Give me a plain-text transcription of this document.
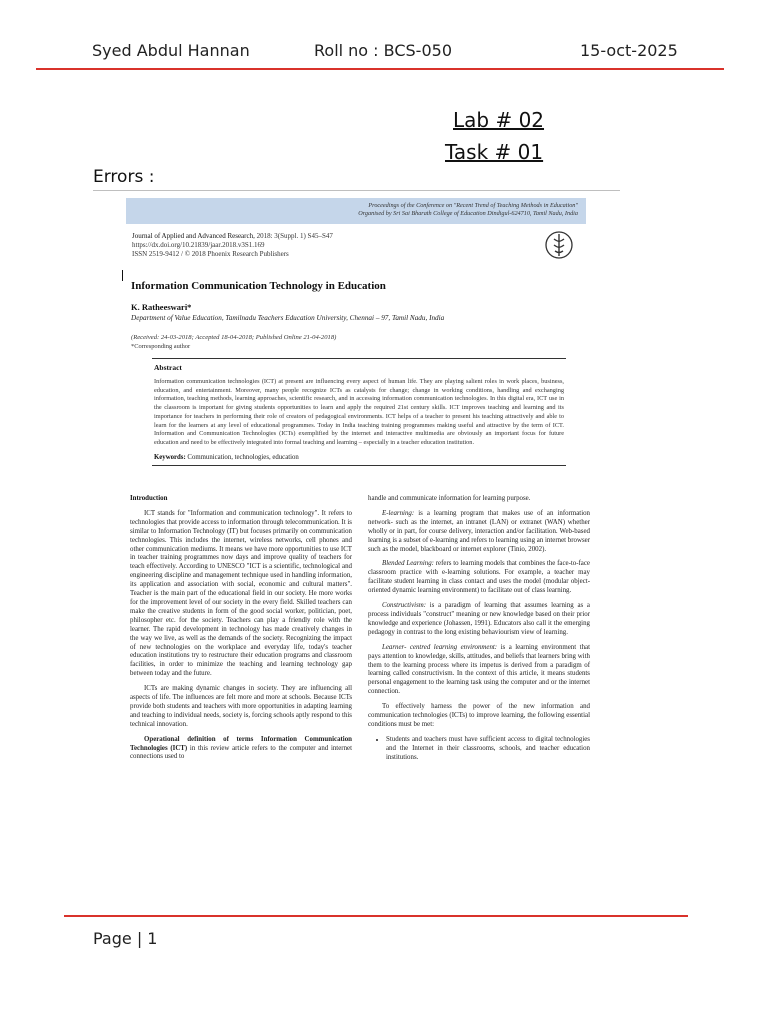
Syed Abdul Hannan	Roll no : BCS-050	15-oct-2025
Lab # 02
Task # 01
Errors :
Proceedings of the Conference on "Recent Trend of Teaching Methods in Education"
Organised by Sri Sai Bharath College of Education Dindigul-624710, Tamil Nadu, India
Journal of Applied and Advanced Research, 2018: 3(Suppl. 1) S45–S47
https://dx.doi.org/10.21839/jaar.2018.v3S1.169
ISSN 2519-9412 / © 2018 Phoenix Research Publishers
Information Communication Technology in Education
K. Ratheeswari*
Department of Value Education, Tamilnadu Teachers Education University, Chennai – 97, Tamil Nadu, India
(Received: 24-03-2018; Accepted 18-04-2018; Published Online 21-04-2018)
*Corresponding author
Abstract
Information communication technologies (ICT) at present are influencing every aspect of human life. They are playing salient roles in work places, business, education, and entertainment. Moreover, many people recognize ICTs as catalysts for change; change in working conditions, handling and exchanging information, teaching methods, learning approaches, scientific research, and in accessing information communication technologies. In this digital era, ICT use in the classroom is important for giving students opportunities to learn and apply the required 21st century skills. ICT improves teaching and learning and its importance for teachers in performing their role of creators of pedagogical environments. ICT helps of a teacher to present his teaching attractively and able to learn for the learners at any level of educational programmes. Today in India teaching training programmes making useful and attractive by the term of ICT. Information and Communication Technologies (ICTs) exemplified by the internet and interactive multimedia are obviously an important focus for future education and need to be effectively integrated into formal teaching and learning – especially in a teacher education institution.
Keywords: Communication, technologies, education

Introduction

ICT stands for "Information and communication technology". It refers to technologies that provide access to information through telecommunication. It is similar to Information Technology (IT) but focuses primarily on communication technologies. This includes the internet, wireless networks, cell phones and other communication mediums. It means we have more opportunities to use ICT in teacher training programmes now days and improve quality of teachers for teach effectively. According to UNESCO "ICT is a scientific, technological and engineering discipline and management technique used in handling information, its application and association with social, economic and cultural matters". Teacher is the main part of the educational field in our society. He more works for the improvement level of our society in the every field. Skilled teachers can make the creative students in form of the good social worker, politician, poet, philosopher etc. for the society. Teachers can play a friendly role with the learner. The rapid development in technology has made creatively changes in the way we live, as well as the demands of the society. Recognizing the impact of new technologies on the workplace and everyday life, today's teacher education institutions try to restructure their education programs and classroom facilities, in order to minimize the teaching and learning technology gap between today and the future.

ICTs are making dynamic changes in society. They are influencing all aspects of life. The influences are felt more and more at schools. Because ICTs provide both students and teachers with more opportunities in adapting learning and teaching to individual needs, society is, forcing schools aptly respond to this technical innovation.

Operational definition of terms Information Communication Technologies (ICT) in this review article refers to the computer and internet connections used to

handle and communicate information for learning purpose.

E-learning: is a learning program that makes use of an information network- such as the internet, an intranet (LAN) or extranet (WAN) whether wholly or in part, for course delivery, interaction and/or facilitation. Web-based learning is a subset of e-learning and refers to learning using an internet browser such as the model, blackboard or internet explorer (Tinio, 2002).

Blended Learning: refers to learning models that combines the face-to-face classroom practice with e-learning solutions. For example, a teacher may facilitate student learning in class contact and uses the model (modular object-oriented dynamic learning environment) to facilitate out of class learning.

Constructivism: is a paradigm of learning that assumes learning as a process individuals "construct" meaning or new knowledge based on their prior knowledge and experience (Johassen, 1991). Educators also call it the emerging pedagogy in contrast to the long existing behaviourism view of learning.

Learner- centred learning environment: is a learning environment that pays attention to knowledge, skills, attitudes, and beliefs that learners bring with them to the learning process where its impetus is derived from a paradigm of learning called constructivism. In the context of this article, it means students personal engagement to the learning task using the computer and or the internet connection.

To effectively harness the power of the new information and communication technologies (ICTs) to improve learning, the following essential conditions must be met:

• Students and teachers must have sufficient access to digital technologies and the Internet in their classrooms, schools, and teacher education institutions.
Page | 1
